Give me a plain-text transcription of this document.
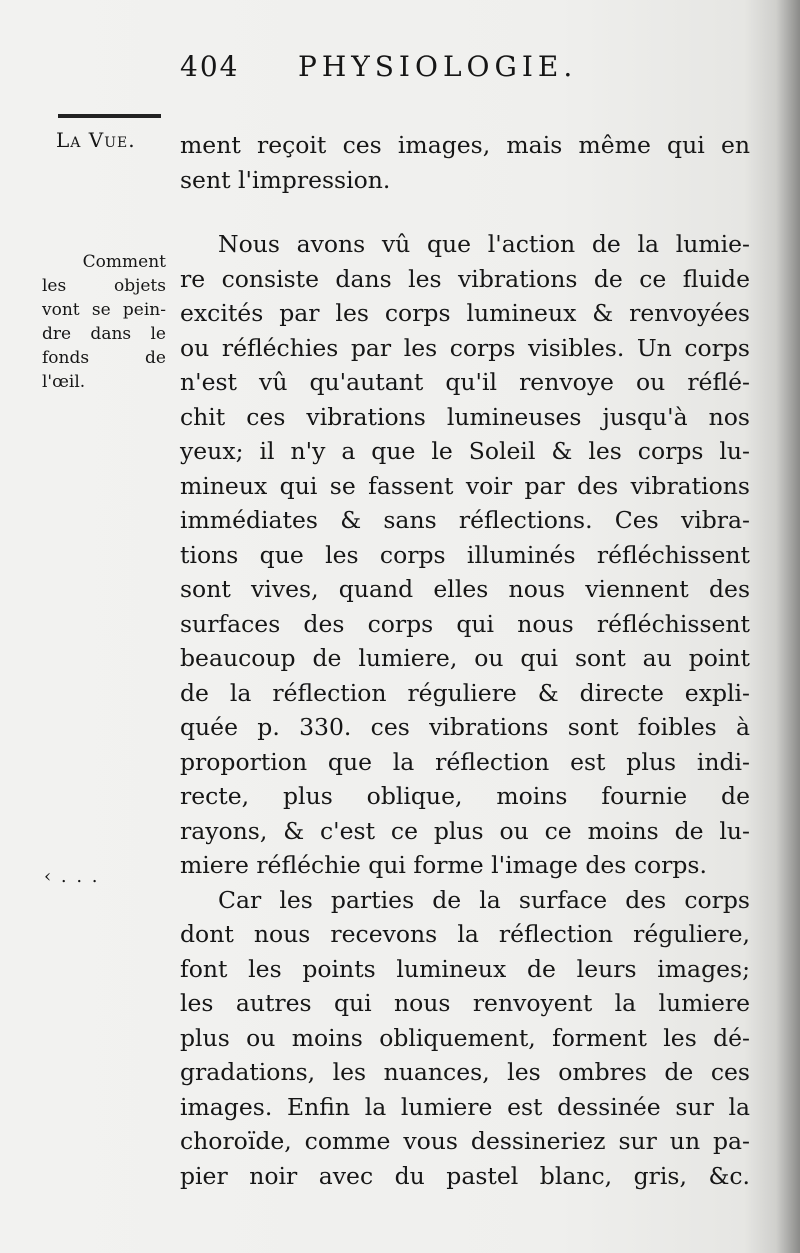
404 PHYSIOLOGIE.
La Vue.
Comment
les objets
vont se pein-
dre dans le
fonds de
l'œil.
‹ . . .
ment reçoit ces images, mais même qui en
sent l'impression.
Nous avons vû que l'action de la lumie-
re consiste dans les vibrations de ce fluide
excités par les corps lumineux & renvoyées
ou réfléchies par les corps visibles. Un corps
n'est vû qu'autant qu'il renvoye ou réflé-
chit ces vibrations lumineuses jusqu'à nos
yeux; il n'y a que le Soleil & les corps lu-
mineux qui se fassent voir par des vibrations
immédiates & sans réflections. Ces vibra-
tions que les corps illuminés réfléchissent
sont vives, quand elles nous viennent des
surfaces des corps qui nous réfléchissent
beaucoup de lumiere, ou qui sont au point
de la réflection réguliere & directe expli-
quée p. 330. ces vibrations sont foibles à
proportion que la réflection est plus indi-
recte, plus oblique, moins fournie de
rayons, & c'est ce plus ou ce moins de lu-
miere réfléchie qui forme l'image des corps.
Car les parties de la surface des corps
dont nous recevons la réflection réguliere,
font les points lumineux de leurs images;
les autres qui nous renvoyent la lumiere
plus ou moins obliquement, forment les dé-
gradations, les nuances, les ombres de ces
images. Enfin la lumiere est dessinée sur la
choroïde, comme vous dessineriez sur un pa-
pier noir avec du pastel blanc, gris, &c.
